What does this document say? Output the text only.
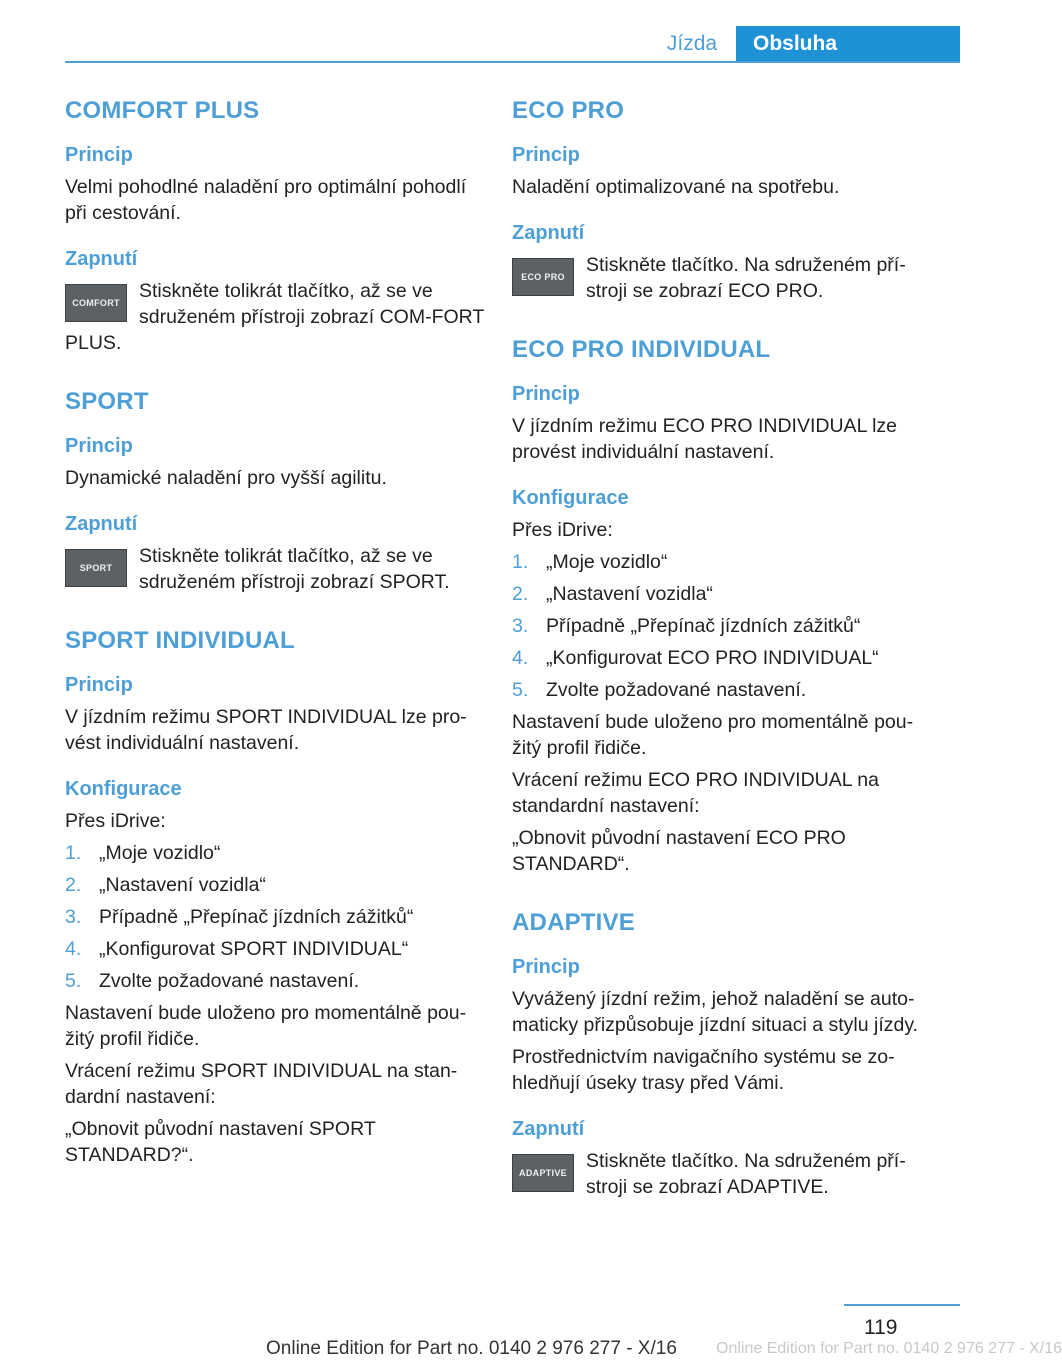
Jízda	Obsluha
COMFORT PLUS
Princip
Velmi pohodlné naladění pro optimální pohodlí při cestování.
Zapnutí
COMFORT
Stiskněte tolikrát tlačítko, až se ve sdruženém přístroji zobrazí COM‐FORT PLUS.
SPORT
Princip
Dynamické naladění pro vyšší agilitu.
Zapnutí
SPORT
Stiskněte tolikrát tlačítko, až se ve sdruženém přístroji zobrazí SPORT.
SPORT INDIVIDUAL
Princip
V jízdním režimu SPORT INDIVIDUAL lze pro‐vést individuální nastavení.
Konfigurace
Přes iDrive:
1. „Moje vozidlo“
2. „Nastavení vozidla“
3. Případně „Přepínač jízdních zážitků“
4. „Konfigurovat SPORT INDIVIDUAL“
5. Zvolte požadované nastavení.
Nastavení bude uloženo pro momentálně pou‐žitý profil řidiče.
Vrácení režimu SPORT INDIVIDUAL na stan‐dardní nastavení:
„Obnovit původní nastavení SPORT STANDARD?“.
ECO PRO
Princip
Naladění optimalizované na spotřebu.
Zapnutí
ECO PRO
Stiskněte tlačítko. Na sdruženém pří‐stroji se zobrazí ECO PRO.
ECO PRO INDIVIDUAL
Princip
V jízdním režimu ECO PRO INDIVIDUAL lze provést individuální nastavení.
Konfigurace
Přes iDrive:
1. „Moje vozidlo“
2. „Nastavení vozidla“
3. Případně „Přepínač jízdních zážitků“
4. „Konfigurovat ECO PRO INDIVIDUAL“
5. Zvolte požadované nastavení.
Nastavení bude uloženo pro momentálně pou‐žitý profil řidiče.
Vrácení režimu ECO PRO INDIVIDUAL na standardní nastavení:
„Obnovit původní nastavení ECO PRO STANDARD“.
ADAPTIVE
Princip
Vyvážený jízdní režim, jehož naladění se auto‐maticky přizpůsobuje jízdní situaci a stylu jízdy.
Prostřednictvím navigačního systému se zo‐hledňují úseky trasy před Vámi.
Zapnutí
ADAPTIVE
Stiskněte tlačítko. Na sdruženém pří‐stroji se zobrazí ADAPTIVE.
119
Online Edition for Part no. 0140 2 976 277 - X/16 Online Edition for Part no. 0140 2 976 277 - X/16
